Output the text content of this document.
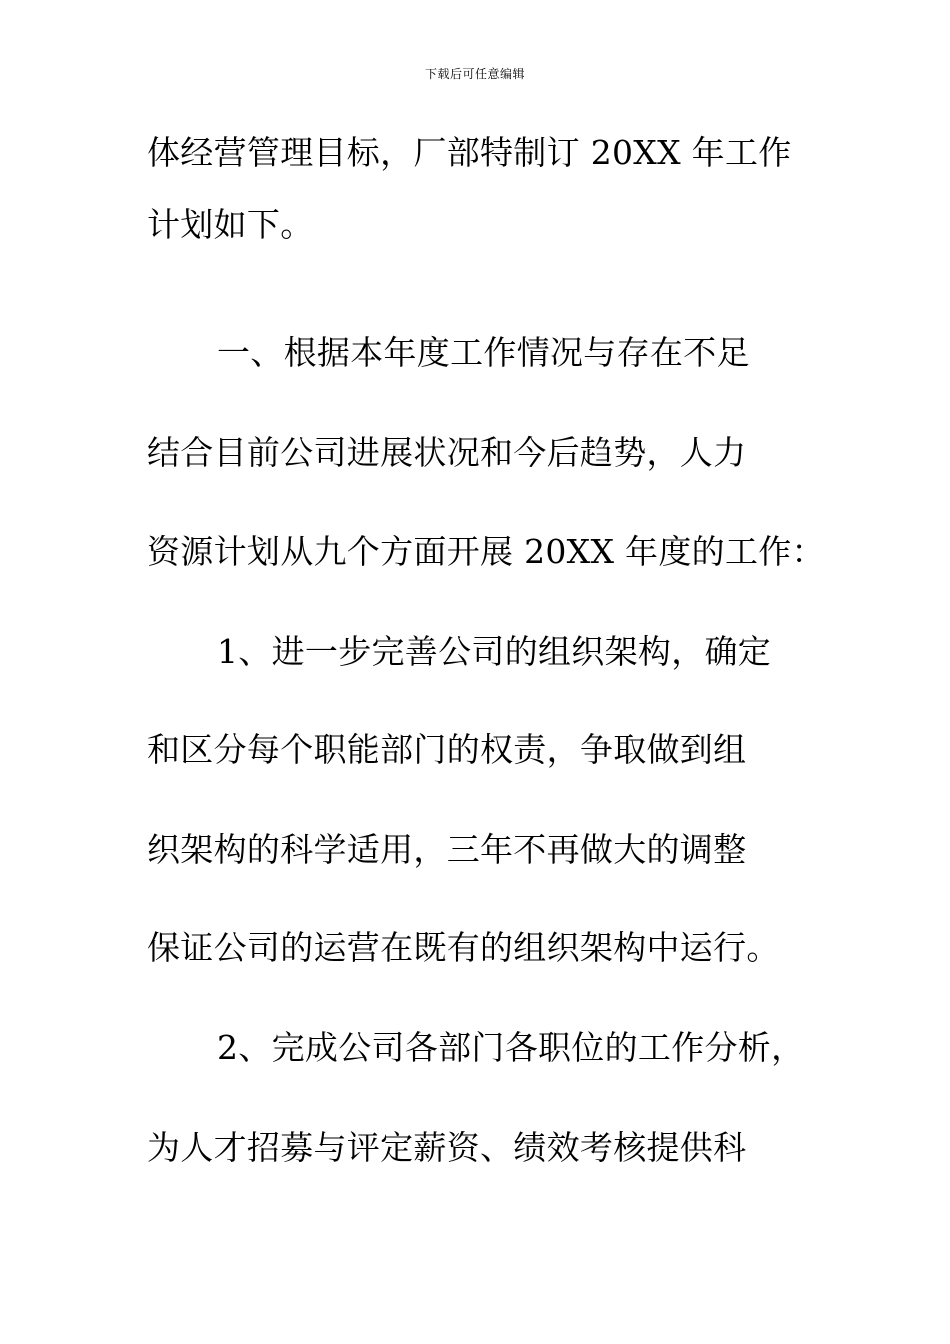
下载后可任意编辑
体经营管理目标，厂部特制订 20XX 年工作
计划如下。
一、根据本年度工作情况与存在不足
结合目前公司进展状况和今后趋势，人力
资源计划从九个方面开展 20XX 年度的工作：
1、进一步完善公司的组织架构，确定
和区分每个职能部门的权责，争取做到组
织架构的科学适用，三年不再做大的调整
保证公司的运营在既有的组织架构中运行。
2、完成公司各部门各职位的工作分析，
为人才招募与评定薪资、绩效考核提供科
